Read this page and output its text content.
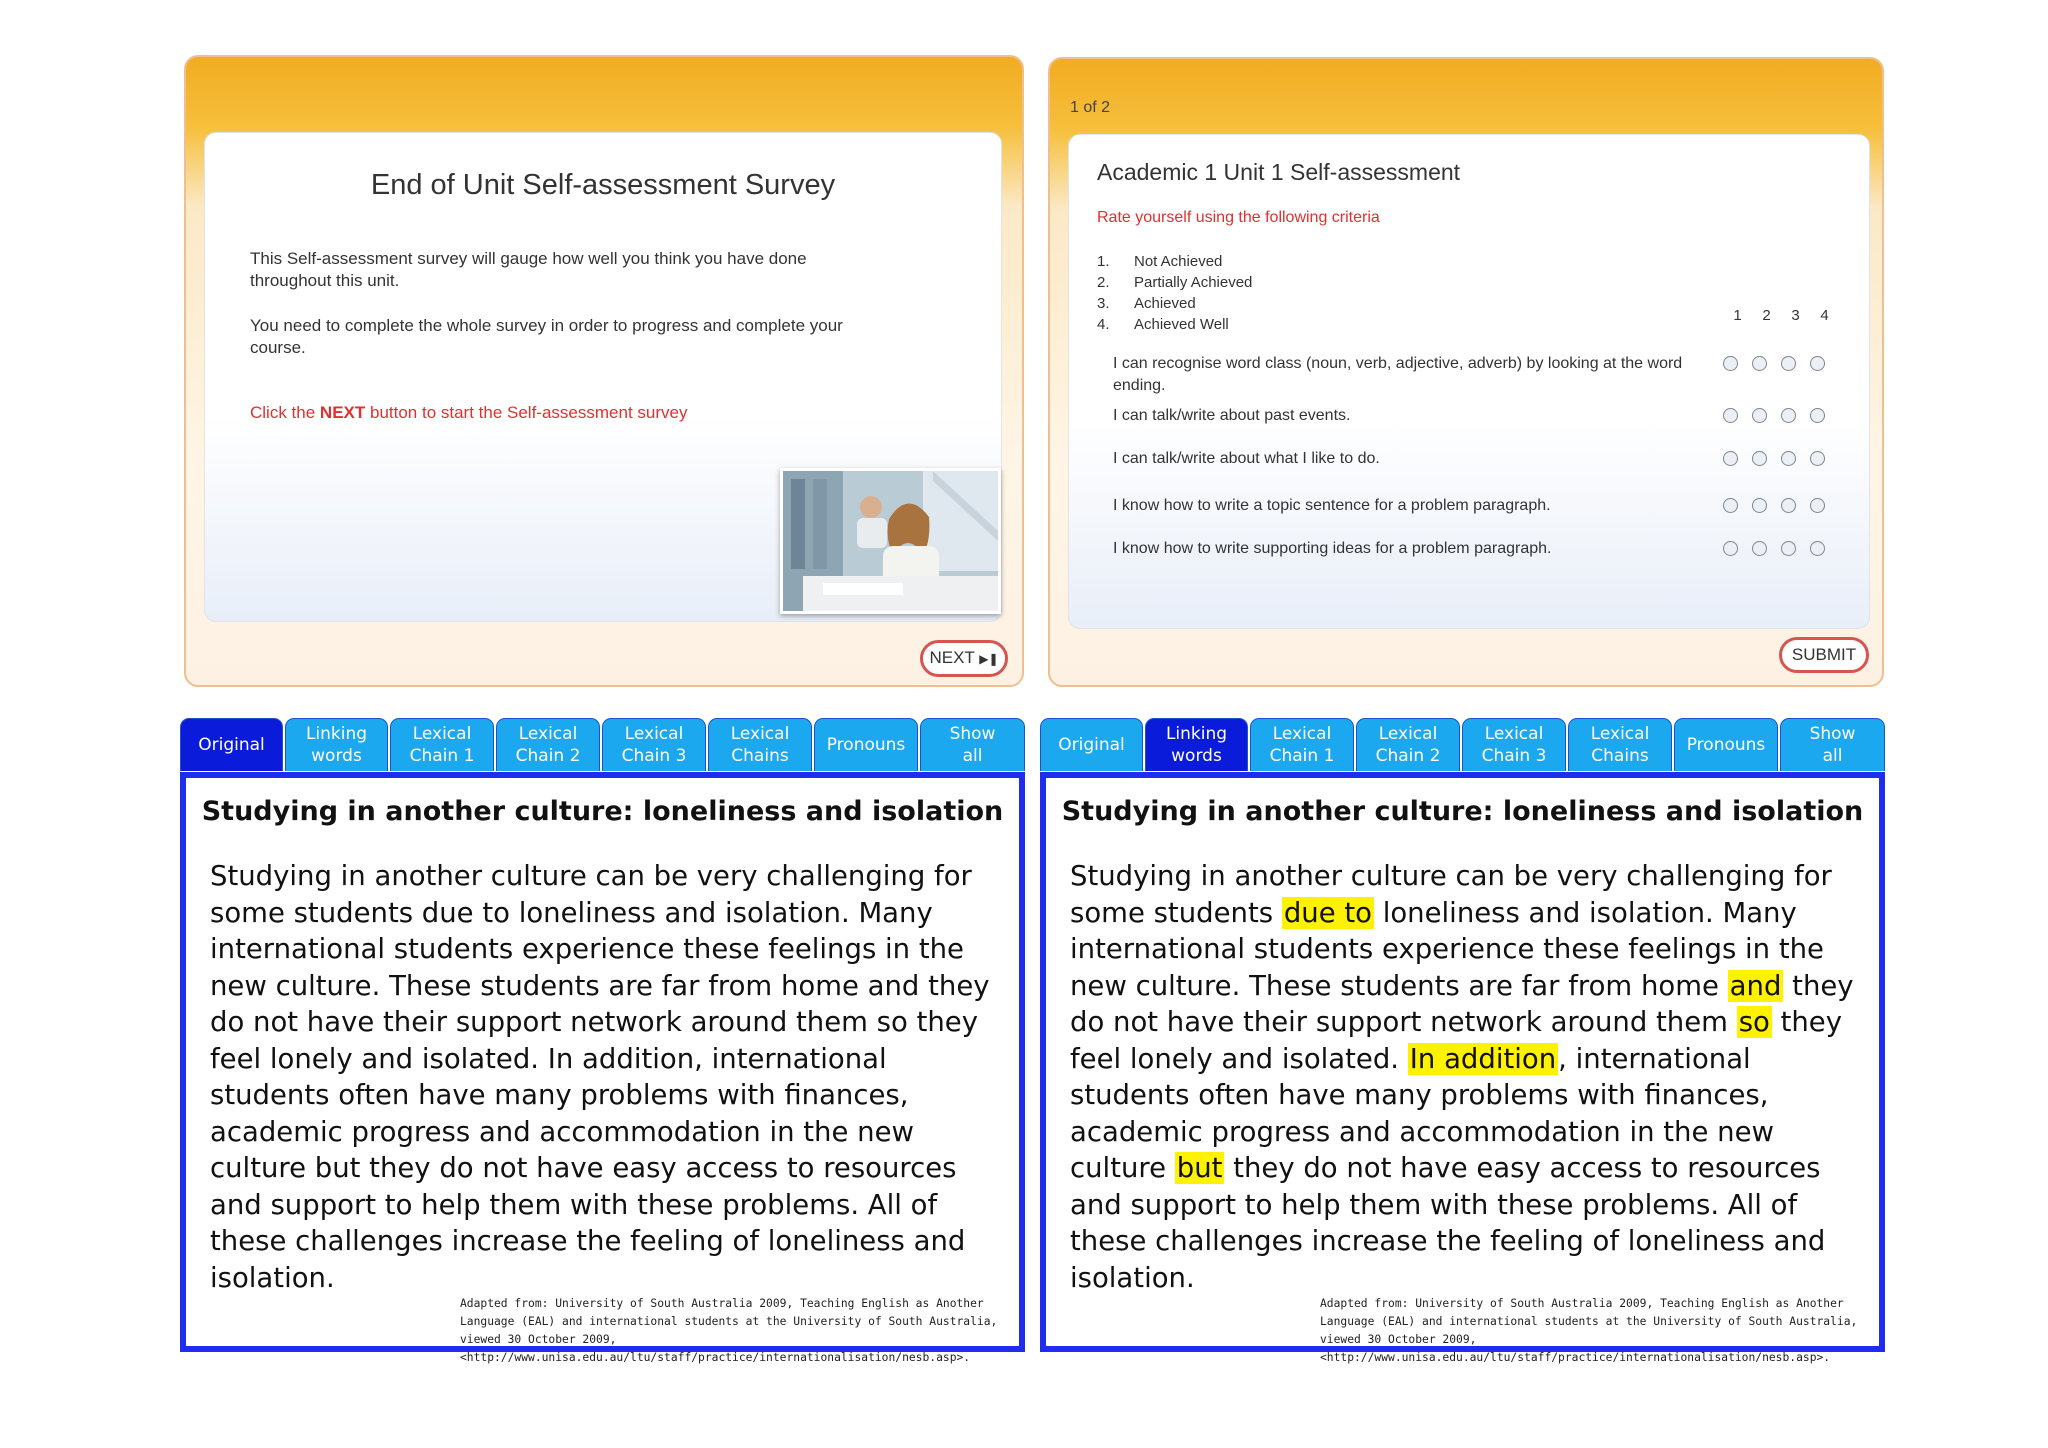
End of Unit Self-assessment Survey
This Self-assessment survey will gauge how well you think you have done throughout this unit.
You need to complete the whole survey in order to progress and complete your course.
Click the NEXT button to start the Self-assessment survey
NEXT ▶❚
1 of 2
Academic 1 Unit 1 Self-assessment
Rate yourself using the following criteria
1. Not Achieved
2. Partially Achieved
3. Achieved
4. Achieved Well
1 2 3 4
I can recognise word class (noun, verb, adjective, adverb) by looking at the word ending.
I can talk/write about past events.
I can talk/write about what I like to do.
I know how to write a topic sentence for a problem paragraph.
I know how to write supporting ideas for a problem paragraph.
SUBMIT
Original
Linking
words
Lexical
Chain 1
Lexical
Chain 2
Lexical
Chain 3
Lexical
Chains
Pronouns
Show
all
Studying in another culture: loneliness and isolation
Studying in another culture can be very challenging for some students due to loneliness and isolation. Many international students experience these feelings in the new culture. These students are far from home and they do not have their support network around them so they feel lonely and isolated. In addition, international students often have many problems with finances, academic progress and accommodation in the new culture but they do not have easy access to resources and support to help them with these problems. All of these challenges increase the feeling of loneliness and isolation.
Adapted from: University of South Australia 2009, Teaching English as Another Language (EAL) and international students at the University of South Australia, viewed 30 October 2009, <http://www.unisa.edu.au/ltu/staff/practice/internationalisation/nesb.asp>.
Original
Linking
words
Lexical
Chain 1
Lexical
Chain 2
Lexical
Chain 3
Lexical
Chains
Pronouns
Show
all
Studying in another culture: loneliness and isolation
Studying in another culture can be very challenging for some students due to loneliness and isolation. Many international students experience these feelings in the new culture. These students are far from home and they do not have their support network around them so they feel lonely and isolated. In addition, international students often have many problems with finances, academic progress and accommodation in the new culture but they do not have easy access to resources and support to help them with these problems. All of these challenges increase the feeling of loneliness and isolation.
Adapted from: University of South Australia 2009, Teaching English as Another Language (EAL) and international students at the University of South Australia, viewed 30 October 2009, <http://www.unisa.edu.au/ltu/staff/practice/internationalisation/nesb.asp>.
